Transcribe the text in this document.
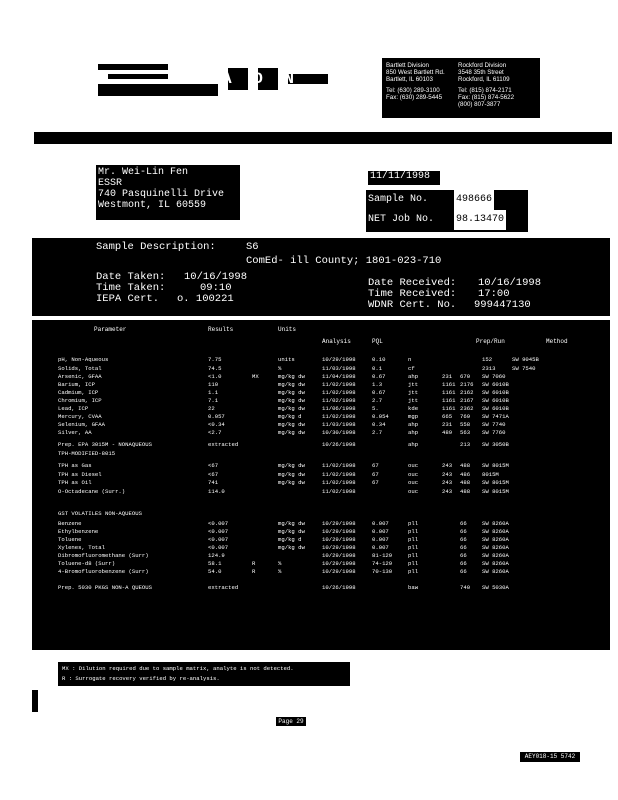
A O N
Bartlett Division
850 West Bartlett Rd.
Bartlett, IL 60103
Tel: (630) 289-3100
Fax: (630) 289-5445
Rockford Division
3548 35th Street
Rockford, IL 61109
Tel: (815) 874-2171
Fax: (815) 874-5622
(800) 807-3877
Mr. Wei-Lin Fen
ESSR
740 Pasquinelli Drive
Westmont, IL 60559
11/11/1998
Sample No.	498666
NET Job No. 98.13470
Sample Description:	S6
ComEd- ill County; 1801-023-710
Date Taken: 10/16/1998
Time Taken:	09:10
IEPA Cert. o. 100221
Date Received: 10/16/1998
Time Received: 17:00
WDNR Cert. No. 999447130
Parameter	Results	Units
Analysis	PQL	Prep/Run	Method
pH, Non-Aqueous	7.75	units	10/29/1998	0.10	n	152	SW 9045B
Solids, Total	74.5	%	11/03/1998	0.1	cf	2313	SW 7540
Arsenic, GFAA	<1.0	MX	mg/kg dw	11/04/1998	0.67	ahp	231 670 SW 7060
Barium, ICP	110	mg/kg dw	11/02/1998	1.3	jtt	1161 2176 SW 6010B
Cadmium, ICP	1.1	mg/kg dw	11/02/1998	0.67	jtt	1161 2162 SW 6010B
Chromium, ICP	7.1	mg/kg dw	11/02/1998	2.7	jtt	1161 2167 SW 6010B
Lead, ICP	22	mg/kg dw	11/06/1998	5.	kde	1161 2362 SW 6010B
Mercury, CVAA	0.057	mg/kg d	11/02/1998	0.054	mgp	665 769 SW 7471A
Selenium, GFAA	<0.34	mg/kg dw	11/03/1998	0.34	ahp	231 558 SW 7740
Silver, AA	<2.7	mg/kg dw	10/30/1998	2.7	ahp	489 563 SW 7760
Prep. EPA 3015M - NONAQUEOUS	extracted	10/26/1998	ahp	213 SW 3050B
TPH-MODIFIED-8015
TPH as Gas	<67	mg/kg dw	11/02/1998	67	ouc	243 488 SW 8015M
TPH as Diesel	<67	mg/kg dw	11/02/1998	67	ouc	243 486 8015M
TPH as Oil	741	mg/kg dw	11/02/1998	67	ouc	243 488 SW 8015M
O-Octadecane (Surr.)	114.0	11/02/1998	ouc	243 488 SW 8015M
GST VOLATILES NON-AQUEOUS
Benzene	<0.007	mg/kg dw	10/29/1998	0.007	pll	66	SW 8260A
Ethylbenzene	<0.007	mg/kg dw	10/29/1998	0.007	pll	66	SW 8260A
Toluene	<0.007	mg/kg d	10/29/1998	0.007	pll	66	SW 8260A
Xylenes, Total	<0.007	mg/kg dw	10/29/1998	0.007	pll	66	SW 8260A
Dibromofluoromethane (Surr)	124.9	10/29/1998	81-129	pll	66	SW 8260A
Toluene-d8 (Surr)	58.1	R	%	10/29/1998	74-129	pll	66	SW 8260A
4-Bromofluorobenzene (Surr)	54.0	R	%	10/29/1998	70-130	pll	66	SW 8260A
Prep. 5030 PKGS NON-A QUEOUS	extracted	10/26/1998	baw	740 SW 5030A
MX : Dilution required due to sample matrix, analyte is not detected.
R : Surrogate recovery verified by re-analysis.
Page 29
AEY018-15 5742
